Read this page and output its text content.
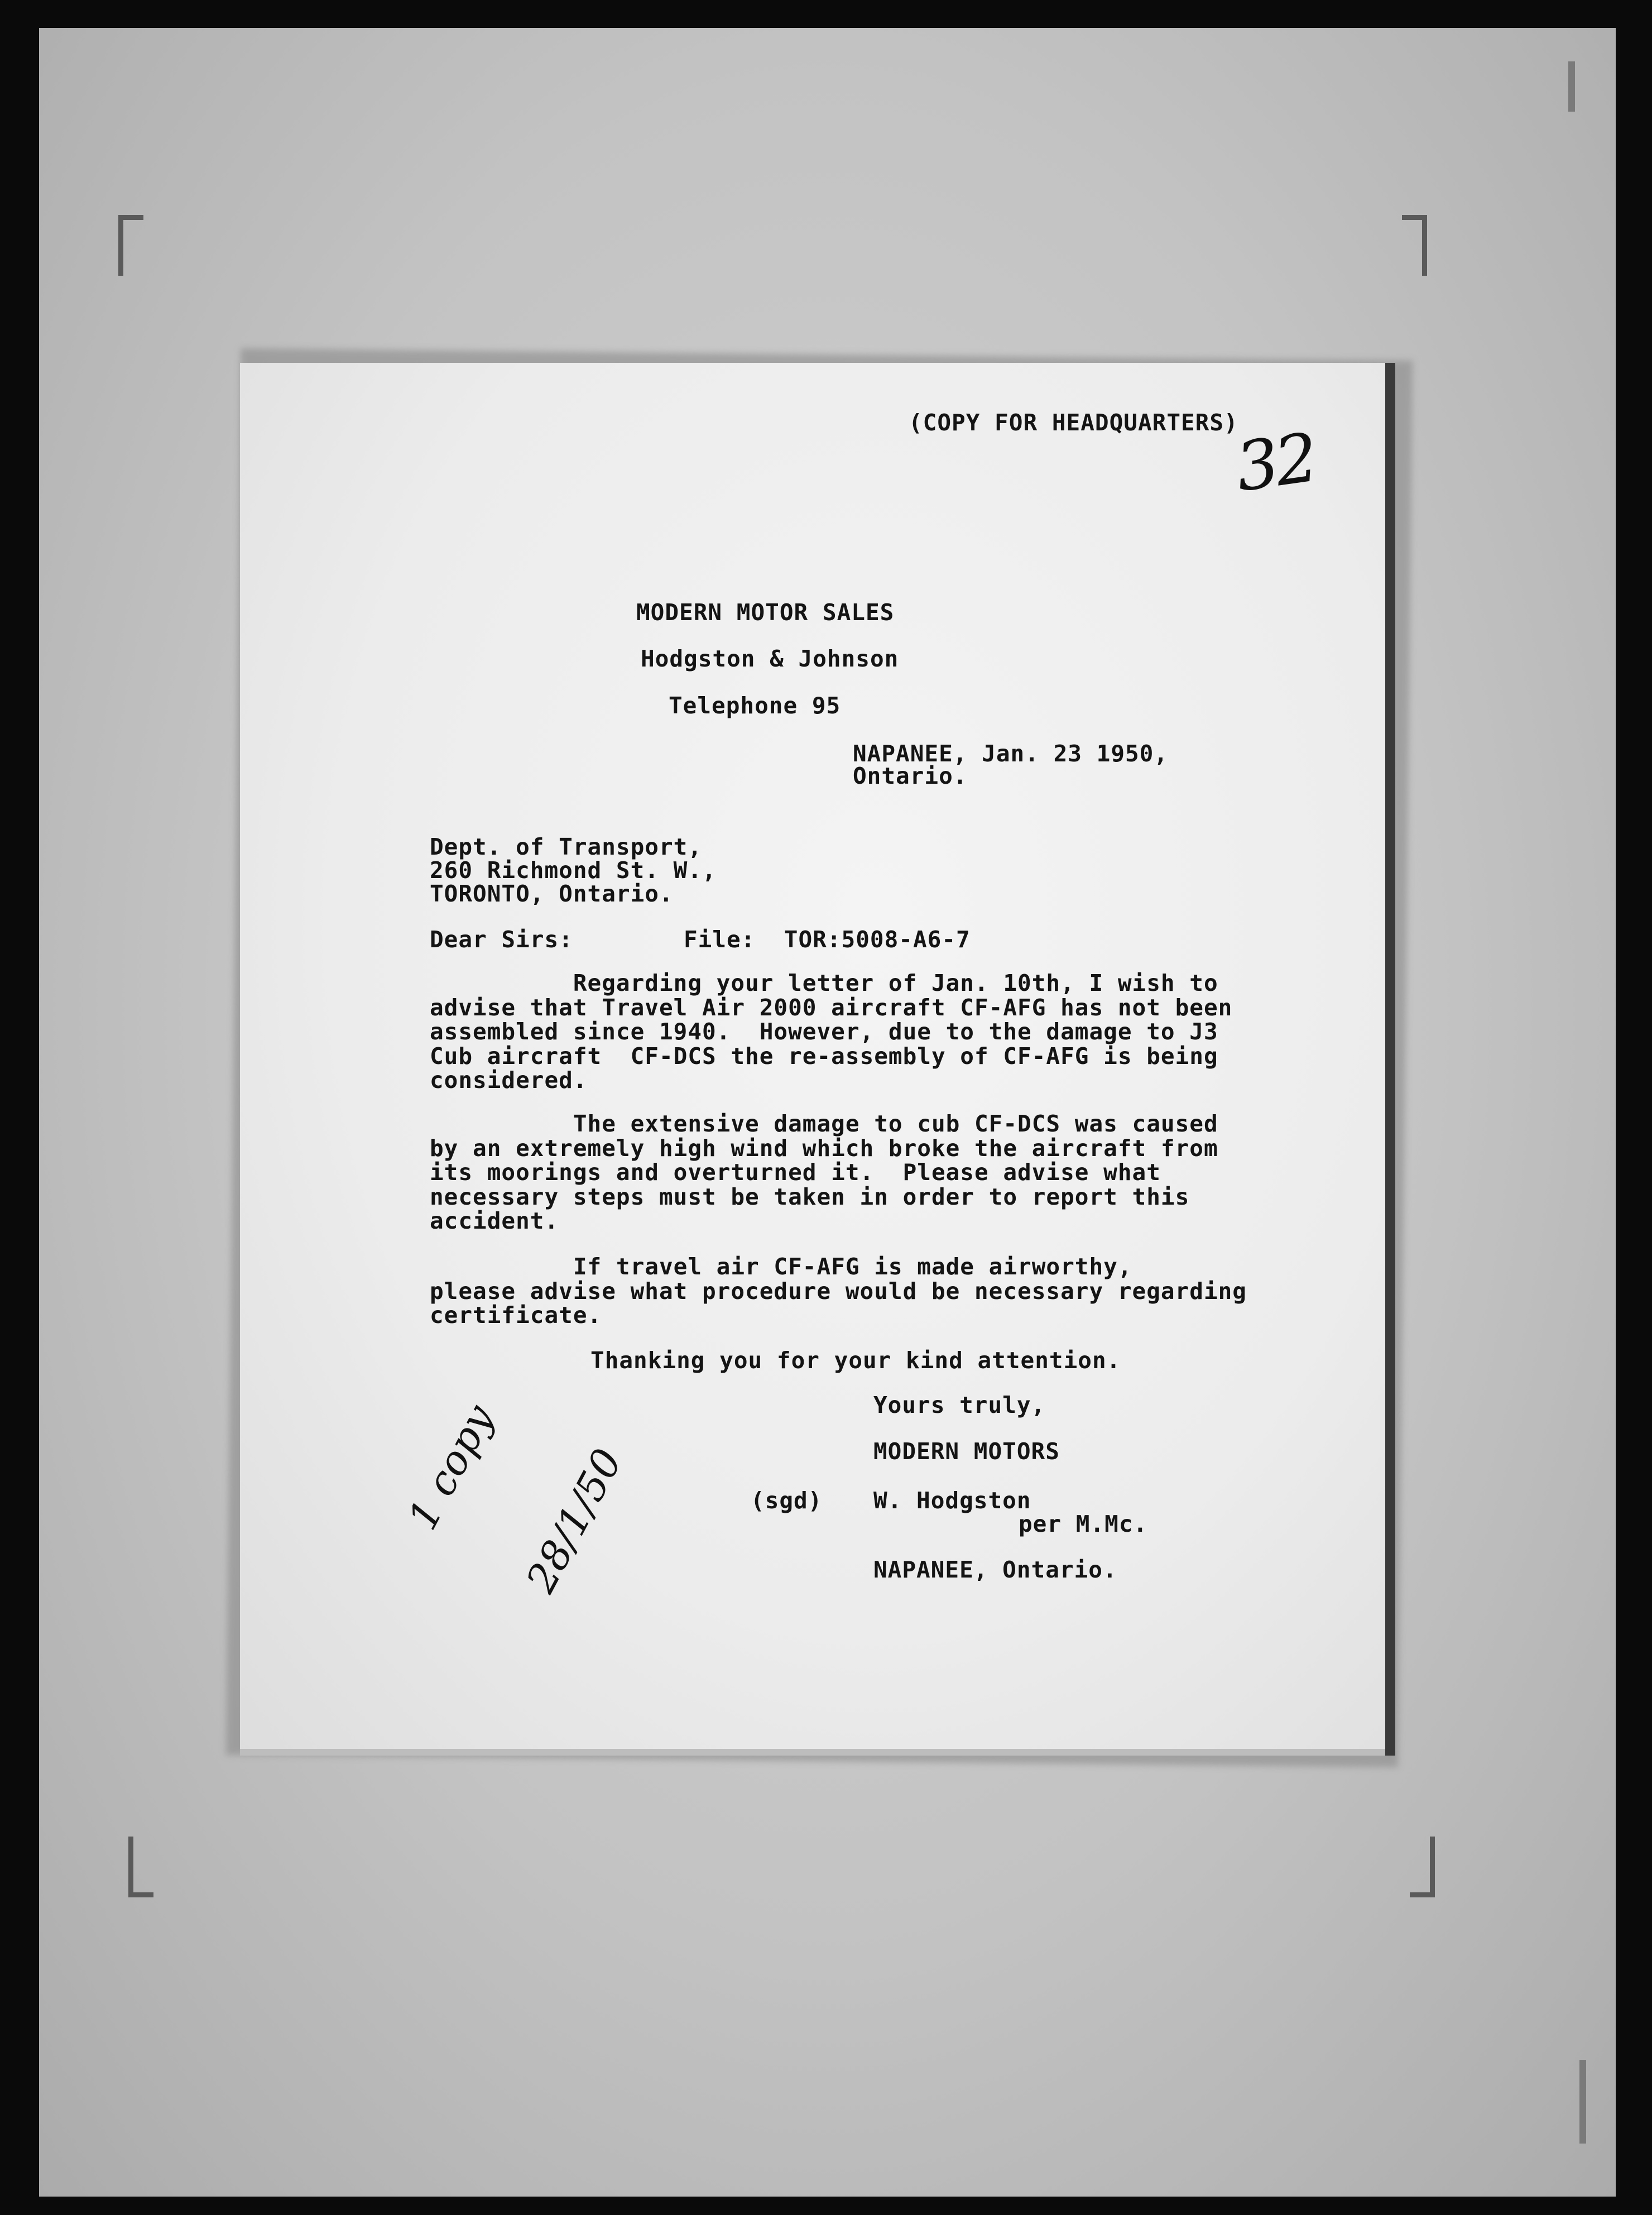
(COPY FOR HEADQUARTERS)

32

MODERN MOTOR SALES

Hodgston & Johnson

Telephone 95

NAPANEE, Jan. 23 1950,

Ontario.

Dept. of Transport,

260 Richmond St. W.,

TORONTO, Ontario.

Dear Sirs:	File:  TOR:5008-A6-7

Regarding your letter of Jan. 10th, I wish to
advise that Travel Air 2000 aircraft CF-AFG has not been
assembled since 1940.  However, due to the damage to J3
Cub aircraft  CF-DCS the re-assembly of CF-AFG is being
considered.

The extensive damage to cub CF-DCS was caused
by an extremely high wind which broke the aircraft from
its moorings and overturned it.  Please advise what
necessary steps must be taken in order to report this
accident.

If travel air CF-AFG is made airworthy,
please advise what procedure would be necessary regarding
certificate.

Thanking you for your kind attention.

Yours truly,

MODERN MOTORS

(sgd) W. Hodgston

per M.Mc.

NAPANEE, Ontario.

1 copy

28/1/50
